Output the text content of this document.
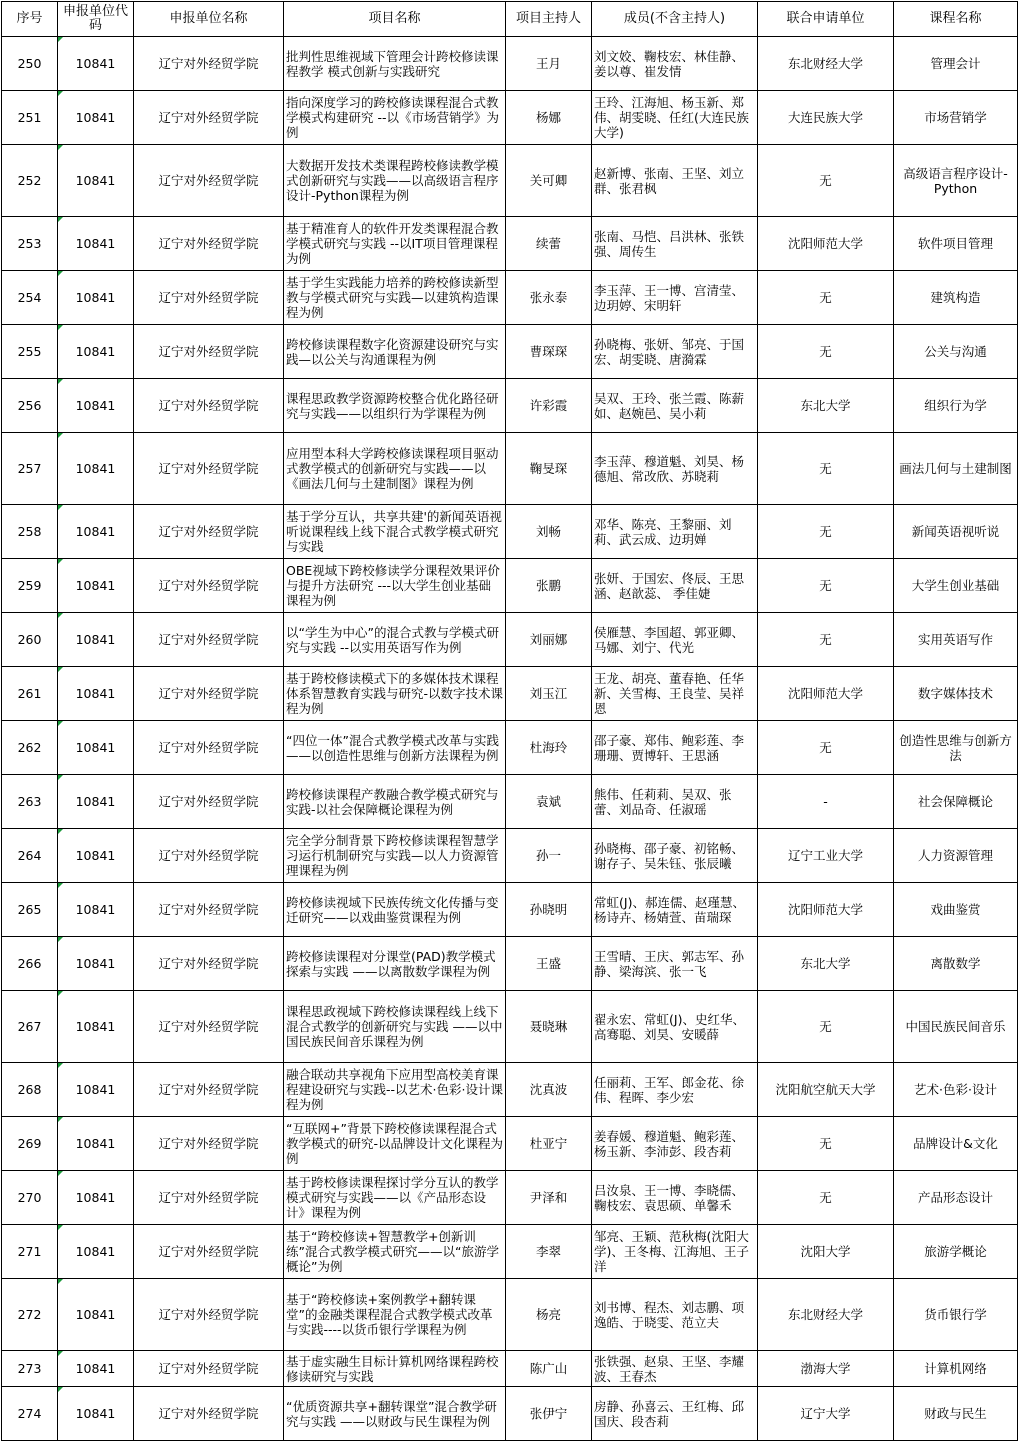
序号	申报单位代码	申报单位名称	项目名称	项目主持人	成员(不含主持人)	联合申请单位	课程名称
250	10841	辽宁对外经贸学院	批判性思维视域下管理会计跨校修读课程教学 模式创新与实践研究	王月	刘文姣、鞠枝宏、林佳静、姜以尊、崔发情	东北财经大学	管理会计
251	10841	辽宁对外经贸学院	指向深度学习的跨校修读课程混合式教学模式构建研究 --以《市场营销学》为例	杨娜	王玲、江海旭、杨玉新、郑伟、胡雯晓、任红(大连民族大学)	大连民族大学	市场营销学
252	10841	辽宁对外经贸学院	大数据开发技术类课程跨校修读教学模式创新研究与实践——以高级语言程序设计-Python课程为例	关可卿	赵新博、张南、王坚、刘立群、张君枫	无	高级语言程序设计-Python
253	10841	辽宁对外经贸学院	基于精准育人的软件开发类课程混合教学模式研究与实践 --以IT项目管理课程为例	续蕾	张南、马恺、吕洪林、张铁强、周传生	沈阳师范大学	软件项目管理
254	10841	辽宁对外经贸学院	基于学生实践能力培养的跨校修读新型教与学模式研究与实践—以建筑构造课程为例	张永泰	李玉萍、王一博、宫清莹、边玥婷、宋明轩	无	建筑构造
255	10841	辽宁对外经贸学院	跨校修读课程数字化资源建设研究与实践—以公关与沟通课程为例	曹琛琛	孙晓梅、张妍、邹亮、于国宏、胡雯晓、唐漪霖	无	公关与沟通
256	10841	辽宁对外经贸学院	课程思政教学资源跨校整合优化路径研究与实践——以组织行为学课程为例	许彩霞	吴双、王玲、张兰霞、陈薪如、赵婉邑、吴小莉	东北大学	组织行为学
257	10841	辽宁对外经贸学院	应用型本科大学跨校修读课程项目驱动式教学模式的创新研究与实践——以《画法几何与土建制图》课程为例	鞠旻琛	李玉萍、穆道魁、刘昊、杨德旭、常改欣、苏晓莉	无	画法几何与土建制图
258	10841	辽宁对外经贸学院	基于学分互认，共享共建'的新闻英语视听说课程线上线下混合式教学模式研究与实践	刘畅	邓华、陈亮、王黎丽、刘莉、武云成、边玥婵	无	新闻英语视听说
259	10841	辽宁对外经贸学院	OBE视域下跨校修读学分课程效果评价与提升方法研究 ---以大学生创业基础课程为例	张鹏	张妍、于国宏、佟辰、王思涵、赵歆蕊、 季佳婕	无	大学生创业基础
260	10841	辽宁对外经贸学院	以“学生为中心”的混合式教与学模式研究与实践 --以实用英语写作为例	刘丽娜	侯雁慧、李国超、郭亚卿、马娜、刘宁、代光	无	实用英语写作
261	10841	辽宁对外经贸学院	基于跨校修读模式下的多媒体技术课程体系智慧教育实践与研究-以数字技术课程为例	刘玉江	王龙、胡亮、董春艳、任华新、关雪梅、王良莹、吴祥恩	沈阳师范大学	数字媒体技术
262	10841	辽宁对外经贸学院	“四位一体”混合式教学模式改革与实践——以创造性思维与创新方法课程为例	杜海玲	邵子豪、郑伟、鲍彩莲、李珊珊、贾博轩、王思涵	无	创造性思维与创新方法
263	10841	辽宁对外经贸学院	跨校修读课程产教融合教学模式研究与实践-以社会保障概论课程为例	袁斌	熊伟、任莉莉、吴双、张蕾、刘品奇、任淑瑶	-	社会保障概论
264	10841	辽宁对外经贸学院	完全学分制背景下跨校修读课程智慧学习运行机制研究与实践—以人力资源管理课程为例	孙一	孙晓梅、邵子豪、初铭畅、谢存子、吴朱钰、张辰曦	辽宁工业大学	人力资源管理
265	10841	辽宁对外经贸学院	跨校修读视域下民族传统文化传播与变迁研究——以戏曲鉴赏课程为例	孙晓明	常虹(J)、郝连儒、赵瑾慧、杨诗卉、杨婧萱、苗瑞琛	沈阳师范大学	戏曲鉴赏
266	10841	辽宁对外经贸学院	跨校修读课程对分课堂(PAD)教学模式探索与实践 ——以离散数学课程为例	王盛	王雪晴、王庆、郭志军、孙静、梁海滨、张一飞	东北大学	离散数学
267	10841	辽宁对外经贸学院	课程思政视域下跨校修读课程线上线下混合式教学的创新研究与实践 ——以中国民族民间音乐课程为例	聂晓琳	翟永宏、常虹(J)、史红华、高骞聪、刘昊、安暖薛	无	中国民族民间音乐
268	10841	辽宁对外经贸学院	融合联动共享视角下应用型高校美育课程建设研究与实践--以艺术·色彩·设计课程为例	沈真波	任丽莉、王军、郎金花、徐伟、程晖、李少宏	沈阳航空航天大学	艺术·色彩·设计
269	10841	辽宁对外经贸学院	“互联网+”背景下跨校修读课程混合式教学模式的研究-以品牌设计文化课程为例	杜亚宁	姜春媛、穆道魁、鲍彩莲、杨玉新、李沛彭、段杏莉	无	品牌设计&文化
270	10841	辽宁对外经贸学院	基于跨校修读课程探讨学分互认的教学模式研究与实践——以《产品形态设计》课程为例	尹泽和	吕汝泉、王一博、李晓儒、鞠枝宏、袁思硕、单馨禾	无	产品形态设计
271	10841	辽宁对外经贸学院	基于“跨校修读+智慧教学+创新训练”混合式教学模式研究——以“旅游学概论”为例	李翠	邹亮、王颖、范秋梅(沈阳大学)、王冬梅、江海旭、王子洋	沈阳大学	旅游学概论
272	10841	辽宁对外经贸学院	基于“跨校修读+案例教学+翻转课堂”的金融类课程混合式教学模式改革与实践----以货币银行学课程为例	杨亮	刘书博、程杰、刘志鹏、项逸皓、于晓雯、范立夫	东北财经大学	货币银行学
273	10841	辽宁对外经贸学院	基于虚实融生目标计算机网络课程跨校修读研究与实践	陈广山	张铁强、赵泉、王坚、李耀波、王春杰	渤海大学	计算机网络
274	10841	辽宁对外经贸学院	“优质资源共享+翻转课堂”混合教学研究与实践 ——以财政与民生课程为例	张伊宁	房静、孙喜云、王红梅、邱国庆、段杏莉	辽宁大学	财政与民生
